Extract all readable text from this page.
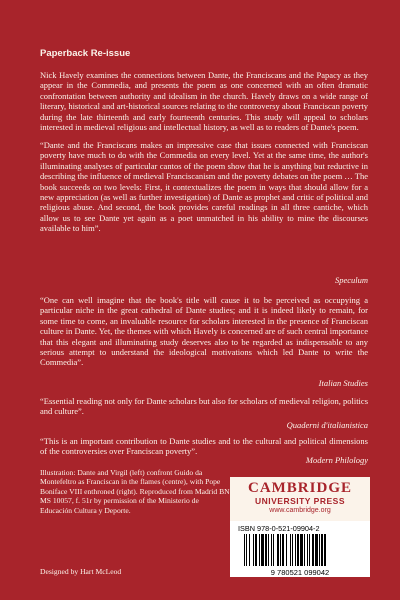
Paperback Re-issue
Nick Havely examines the connections between Dante, the Franciscans and the Papacy as they appear in the Commedia, and presents the poem as one concerned with an often dramatic confrontation between authority and idealism in the church. Havely draws on a wide range of literary, historical and art-historical sources relating to the controversy about Franciscan poverty during the late thirteenth and early fourteenth centuries. This study will appeal to scholars interested in medieval religious and intellectual history, as well as to readers of Dante's poem.
“Dante and the Franciscans makes an impressive case that issues connected with Franciscan poverty have much to do with the Commedia on every level. Yet at the same time, the author's illuminating analyses of particular cantos of the poem show that he is anything but reductive in describing the influence of medieval Franciscanism and the poverty debates on the poem … The book succeeds on two levels: First, it contextualizes the poem in ways that should allow for a new appreciation (as well as further investigation) of Dante as prophet and critic of political and religious abuse. And second, the book provides careful readings in all three cantiche, which allow us to see Dante yet again as a poet unmatched in his ability to mine the discourses available to him”.
Speculum
“One can well imagine that the book's title will cause it to be perceived as occupying a particular niche in the great cathedral of Dante studies; and it is indeed likely to remain, for some time to come, an invaluable resource for scholars interested in the presence of Franciscan culture in Dante. Yet, the themes with which Havely is concerned are of such central importance that this elegant and illuminating study deserves also to be regarded as indispensable to any serious attempt to understand the ideological motivations which led Dante to write the Commedia”.
Italian Studies
“Essential reading not only for Dante scholars but also for scholars of medieval religion, politics and culture”.
Quaderni d'italianistica
“This is an important contribution to Dante studies and to the cultural and political dimensions of the controversies over Franciscan poverty”.
Modern Philology
Illustration: Dante and Virgil (left) confront Guido da Montefeltro as Franciscan in the flames (centre), with Pope Boniface VIII enthroned (right). Reproduced from Madrid BN MS 10057, f. 51r by permission of the Ministerio de Educación Cultura y Deporte.
Designed by Hart McLeod
CAMBRIDGE
UNIVERSITY PRESS
www.cambridge.org
ISBN 978-0-521-09904-2
9 780521 099042
